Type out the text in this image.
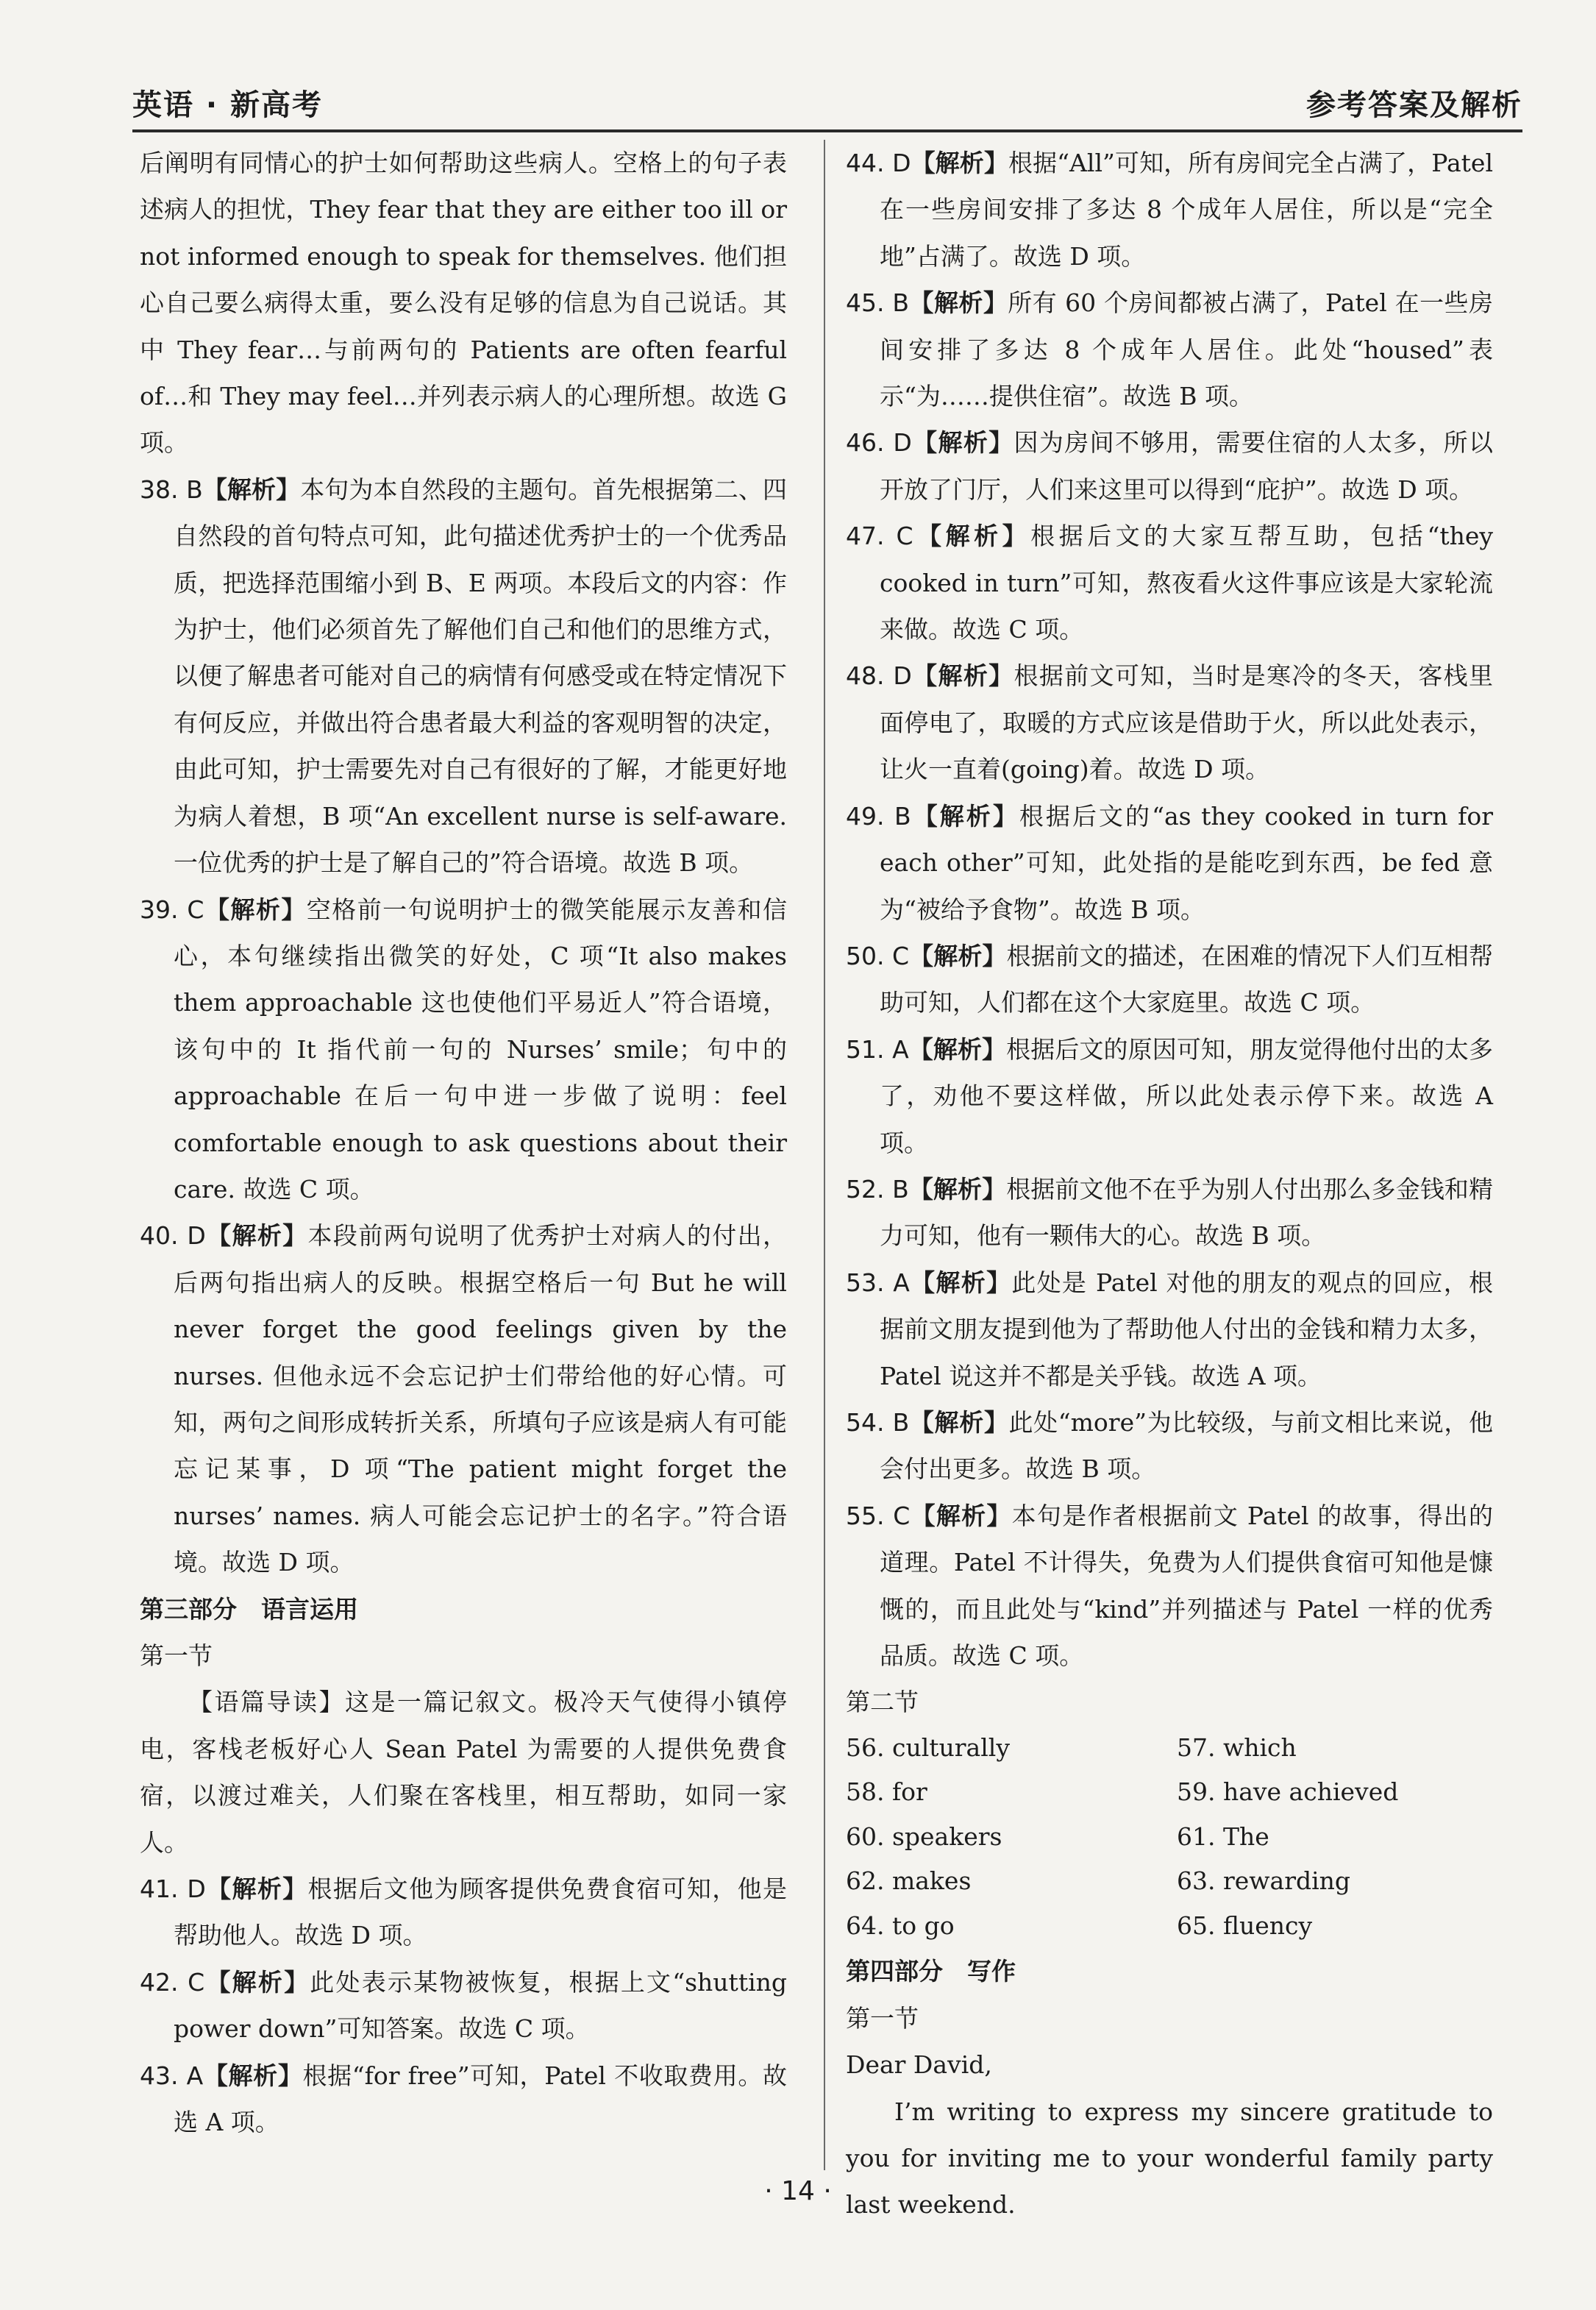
英语 · 新高考	参考答案及解析

后阐明有同情心的护士如何帮助这些病人。空格上的句子表述病人的担忧，They fear that they are either too ill or not informed enough to speak for themselves. 他们担心自己要么病得太重，要么没有足够的信息为自己说话。其中 They fear…与前两句的 Patients are often fearful of…和 They may feel…并列表示病人的心理所想。故选 G 项。

38. B【解析】本句为本自然段的主题句。首先根据第二、四自然段的首句特点可知，此句描述优秀护士的一个优秀品质，把选择范围缩小到 B、E 两项。本段后文的内容：作为护士，他们必须首先了解他们自己和他们的思维方式，以便了解患者可能对自己的病情有何感受或在特定情况下有何反应，并做出符合患者最大利益的客观明智的决定，由此可知，护士需要先对自己有很好的了解，才能更好地为病人着想，B 项“An excellent nurse is self-aware. 一位优秀的护士是了解自己的”符合语境。故选 B 项。

39. C【解析】空格前一句说明护士的微笑能展示友善和信心，本句继续指出微笑的好处，C 项“It also makes them approachable 这也使他们平易近人”符合语境，该句中的 It 指代前一句的 Nurses’ smile；句中的 approachable 在后一句中进一步做了说明：feel comfortable enough to ask questions about their care. 故选 C 项。

40. D【解析】本段前两句说明了优秀护士对病人的付出，后两句指出病人的反映。根据空格后一句 But he will never forget the good feelings given by the nurses. 但他永远不会忘记护士们带给他的好心情。可知，两句之间形成转折关系，所填句子应该是病人有可能忘记某事，D 项“The patient might forget the nurses’ names. 病人可能会忘记护士的名字。”符合语境。故选 D 项。

第三部分　语言运用

第一节

【语篇导读】这是一篇记叙文。极冷天气使得小镇停电，客栈老板好心人 Sean Patel 为需要的人提供免费食宿，以渡过难关，人们聚在客栈里，相互帮助，如同一家人。

41. D【解析】根据后文他为顾客提供免费食宿可知，他是帮助他人。故选 D 项。

42. C【解析】此处表示某物被恢复，根据上文“shutting power down”可知答案。故选 C 项。

43. A【解析】根据“for free”可知，Patel 不收取费用。故选 A 项。

44. D【解析】根据“All”可知，所有房间完全占满了，Patel 在一些房间安排了多达 8 个成年人居住，所以是“完全地”占满了。故选 D 项。

45. B【解析】所有 60 个房间都被占满了，Patel 在一些房间安排了多达 8 个成年人居住。此处“housed”表示“为……提供住宿”。故选 B 项。

46. D【解析】因为房间不够用，需要住宿的人太多，所以开放了门厅，人们来这里可以得到“庇护”。故选 D 项。

47. C【解析】根据后文的大家互帮互助，包括“they cooked in turn”可知，熬夜看火这件事应该是大家轮流来做。故选 C 项。

48. D【解析】根据前文可知，当时是寒冷的冬天，客栈里面停电了，取暖的方式应该是借助于火，所以此处表示，让火一直着(going)着。故选 D 项。

49. B【解析】根据后文的“as they cooked in turn for each other”可知，此处指的是能吃到东西，be fed 意为“被给予食物”。故选 B 项。

50. C【解析】根据前文的描述，在困难的情况下人们互相帮助可知，人们都在这个大家庭里。故选 C 项。

51. A【解析】根据后文的原因可知，朋友觉得他付出的太多了，劝他不要这样做，所以此处表示停下来。故选 A 项。

52. B【解析】根据前文他不在乎为别人付出那么多金钱和精力可知，他有一颗伟大的心。故选 B 项。

53. A【解析】此处是 Patel 对他的朋友的观点的回应，根据前文朋友提到他为了帮助他人付出的金钱和精力太多，Patel 说这并不都是关乎钱。故选 A 项。

54. B【解析】此处“more”为比较级，与前文相比来说，他会付出更多。故选 B 项。

55. C【解析】本句是作者根据前文 Patel 的故事，得出的道理。Patel 不计得失，免费为人们提供食宿可知他是慷慨的，而且此处与“kind”并列描述与 Patel 一样的优秀品质。故选 C 项。

第二节

56. culturally	57. which
58. for	59. have achieved
60. speakers	61. The
62. makes	63. rewarding
64. to go	65. fluency

第四部分　写作

第一节

Dear David,

I’m writing to express my sincere gratitude to you for inviting me to your wonderful family party last weekend.

· 14 ·
